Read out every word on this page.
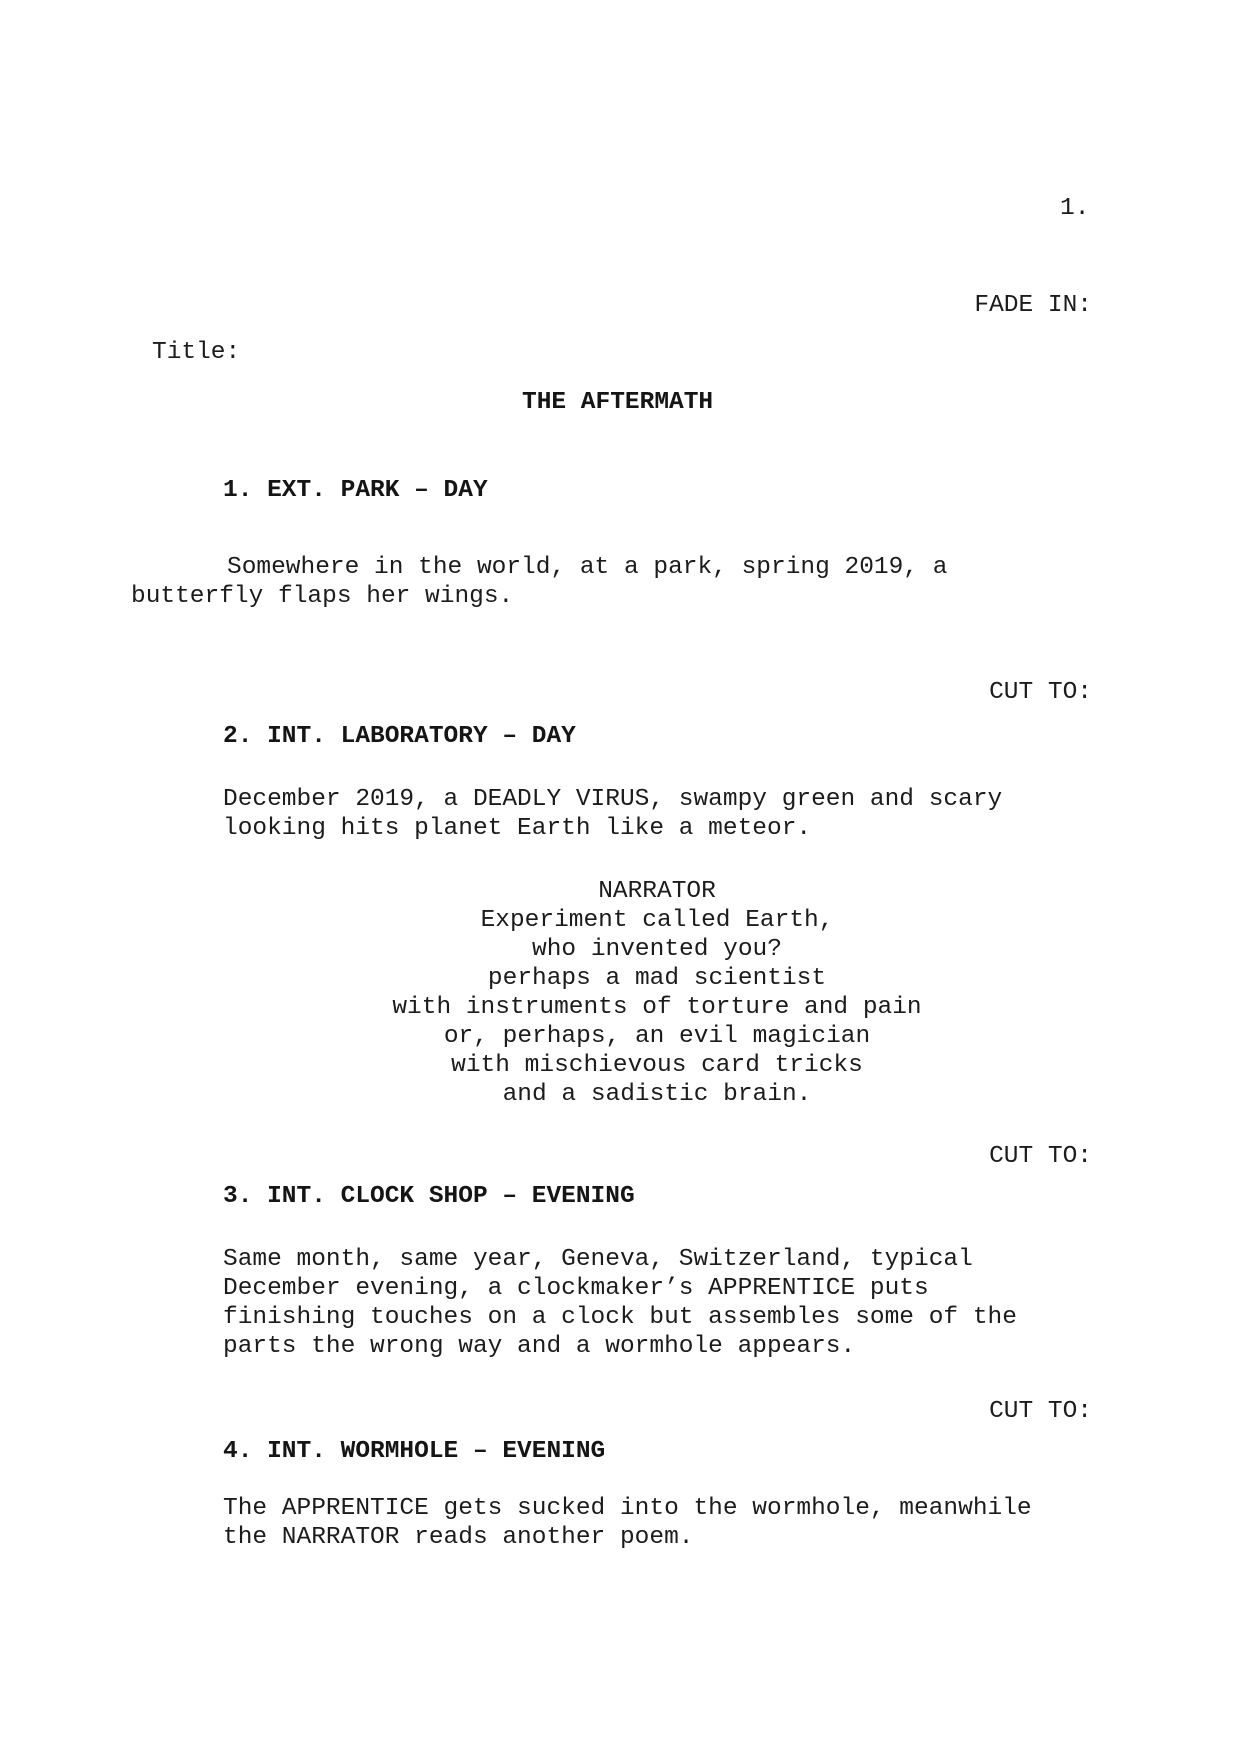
1.
FADE IN:
Title:
THE AFTERMATH
1. EXT. PARK – DAY
Somewhere in the world, at a park, spring 2019, a
butterfly flaps her wings.
CUT TO:
2. INT. LABORATORY – DAY
December 2019, a DEADLY VIRUS, swampy green and scary
looking hits planet Earth like a meteor.
NARRATOR
Experiment called Earth,
who invented you?
perhaps a mad scientist
with instruments of torture and pain
or, perhaps, an evil magician
with mischievous card tricks
and a sadistic brain.
CUT TO:
3. INT. CLOCK SHOP – EVENING
Same month, same year, Geneva, Switzerland, typical
December evening, a clockmaker’s APPRENTICE puts
finishing touches on a clock but assembles some of the
parts the wrong way and a wormhole appears.
CUT TO:
4. INT. WORMHOLE – EVENING
The APPRENTICE gets sucked into the wormhole, meanwhile
the NARRATOR reads another poem.
